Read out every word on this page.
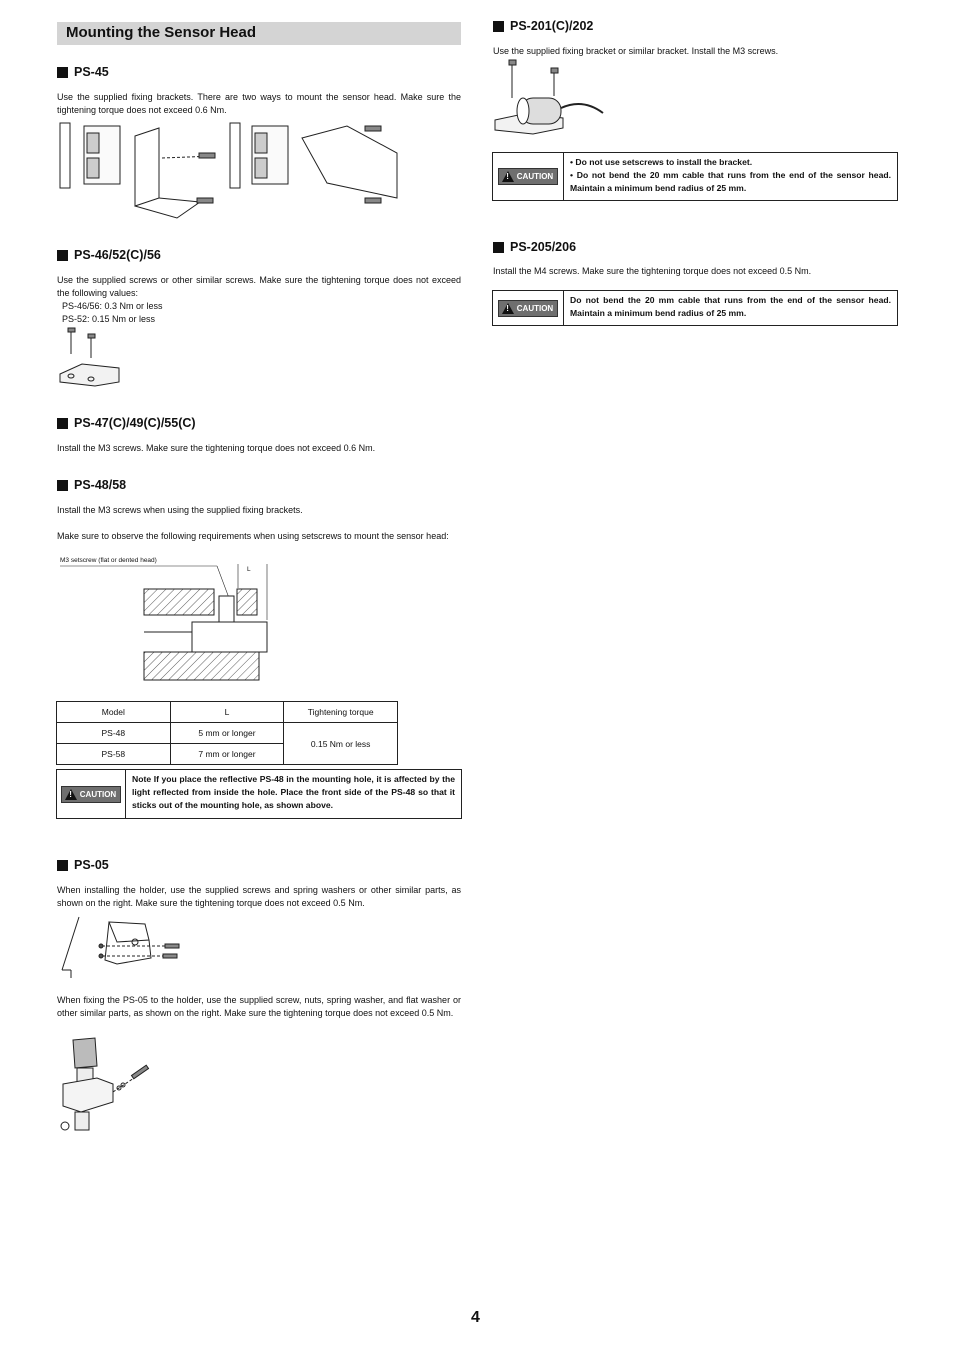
Mounting the Sensor Head
PS-45
Use the supplied fixing brackets. There are two ways to mount the sensor head. Make sure the tightening torque does not exceed 0.6 Nm.
PS-46/52(C)/56
Use the supplied screws or other similar screws. Make sure the tightening torque does not exceed the following values:
PS-46/56: 0.3 Nm or less
PS-52: 0.15 Nm or less
PS-47(C)/49(C)/55(C)
Install the M3 screws. Make sure the tightening torque does not exceed 0.6 Nm.
PS-48/58
Install the M3 screws when using the supplied fixing brackets.
Make sure to observe the following requirements when using setscrews to mount the sensor head:
M3 setscrew (flat or dented head)
L
Model	L	Tightening torque
PS-48	5 mm or longer	0.15 Nm or less
PS-58	7 mm or longer	
!
CAUTION
Note If you place the reflective PS-48 in the mounting hole, it is affected by the light reflected from inside the hole. Place the front side of the PS-48 so that it sticks out of the mounting hole, as shown above.
PS-05
When installing the holder, use the supplied screws and spring washers or other similar parts, as shown on the right. Make sure the tightening torque does not exceed 0.5 Nm.
When fixing the PS-05 to the holder, use the supplied screw, nuts, spring washer, and flat washer or other similar parts, as shown on the right. Make sure the tightening torque does not exceed 0.5 Nm.
PS-201(C)/202
Use the supplied fixing bracket or similar bracket. Install the M3 screws.
!
CAUTION
• Do not use setscrews to install the bracket.
• Do not bend the 20 mm cable that runs from the end of the sensor head. Maintain a minimum bend radius of 25 mm.
PS-205/206
Install the M4 screws. Make sure the tightening torque does not exceed 0.5 Nm.
!
CAUTION
Do not bend the 20 mm cable that runs from the end of the sensor head. Maintain a minimum bend radius of 25 mm.
4
